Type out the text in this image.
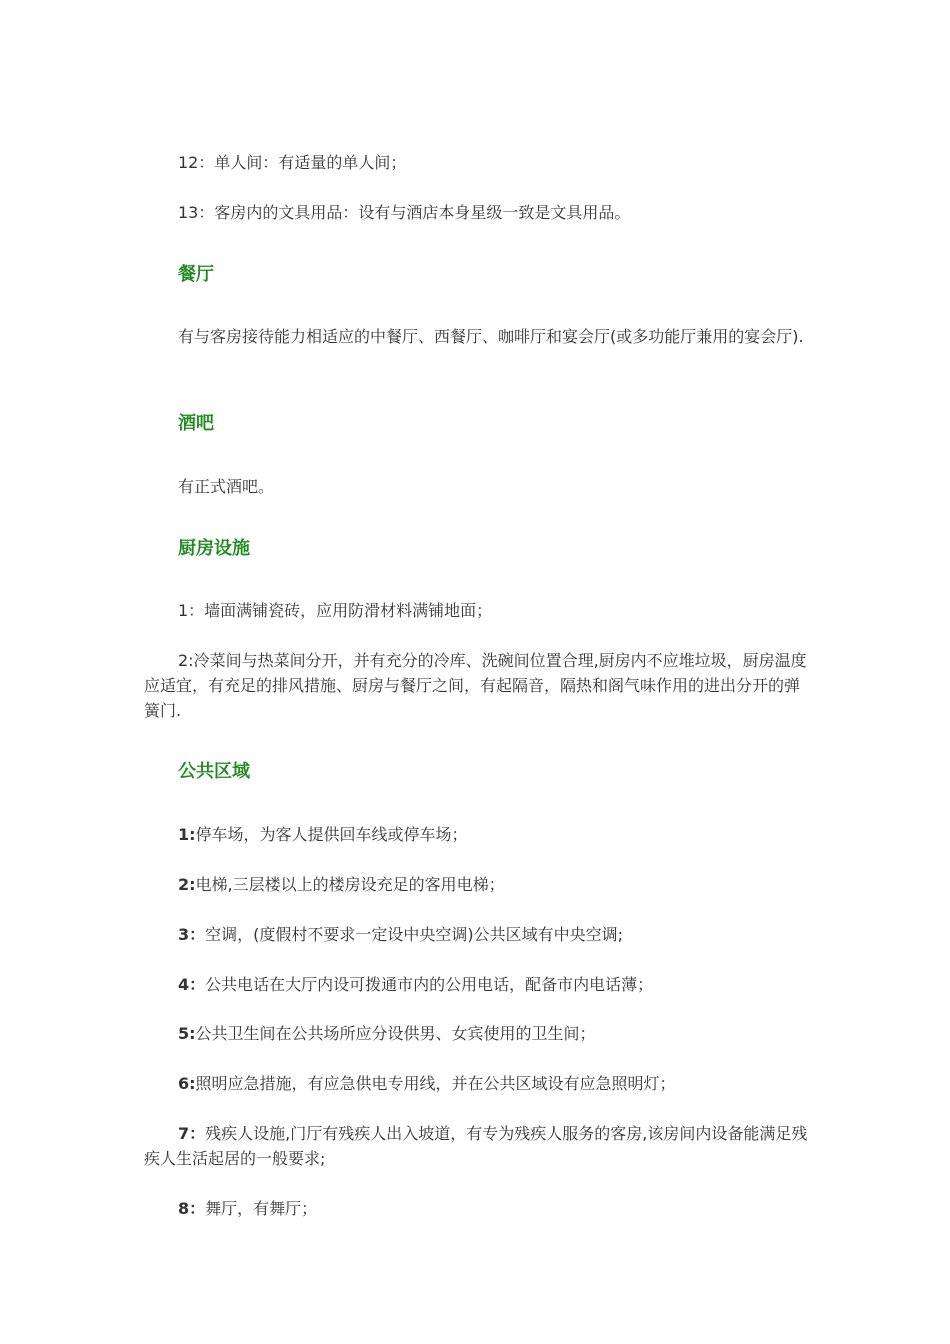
12：单人间：有适量的单人间；

13：客房内的文具用品：设有与酒店本身星级一致是文具用品。

餐厅

有与客房接待能力相适应的中餐厅、西餐厅、咖啡厅和宴会厅(或多功能厅兼用的宴会厅).

酒吧

有正式酒吧。

厨房设施

1：墙面满铺瓷砖，应用防滑材料满铺地面；

2:冷菜间与热菜间分开，并有充分的冷库、洗碗间位置合理,厨房内不应堆垃圾，厨房温度应适宜，有充足的排风措施、厨房与餐厅之间，有起隔音，隔热和阁气味作用的进出分开的弹簧门.

公共区域

1:停车场，为客人提供回车线或停车场；

2:电梯,三层楼以上的楼房设充足的客用电梯；

3：空调，(度假村不要求一定设中央空调)公共区域有中央空调;

4：公共电话在大厅内设可拨通市内的公用电话，配备市内电话薄；

5:公共卫生间在公共场所应分设供男、女宾使用的卫生间；

6:照明应急措施，有应急供电专用线，并在公共区域设有应急照明灯；

7：残疾人设施,门厅有残疾人出入坡道，有专为残疾人服务的客房,该房间内设备能满足残疾人生活起居的一般要求;

8：舞厅，有舞厅；
